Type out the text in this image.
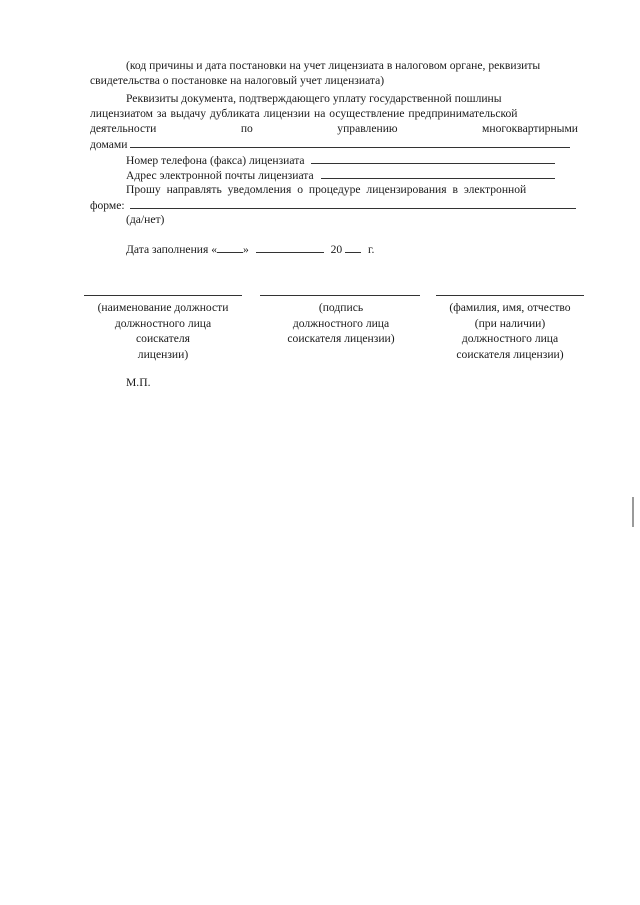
(код причины и дата постановки на учет лицензиата в налоговом органе, реквизиты
свидетельства о постановке на налоговый учет лицензиата)
Реквизиты документа, подтверждающего уплату государственной пошлины
лицензиатом за выдачу дубликата лицензии на осуществление предпринимательской
деятельности	по	управлению	многоквартирными
домами
Номер телефона (факса) лицензиата
Адрес электронной почты лицензиата
Прошу направлять уведомления о процедуре лицензирования в электронной
форме:
(да/нет)
Дата заполнения « »	20 г.
(наименование должности
должностного лица
соискателя
лицензии)
(подпись
должностного лица
соискателя лицензии)
(фамилия, имя, отчество
(при наличии)
должностного лица
соискателя лицензии)
М.П.
